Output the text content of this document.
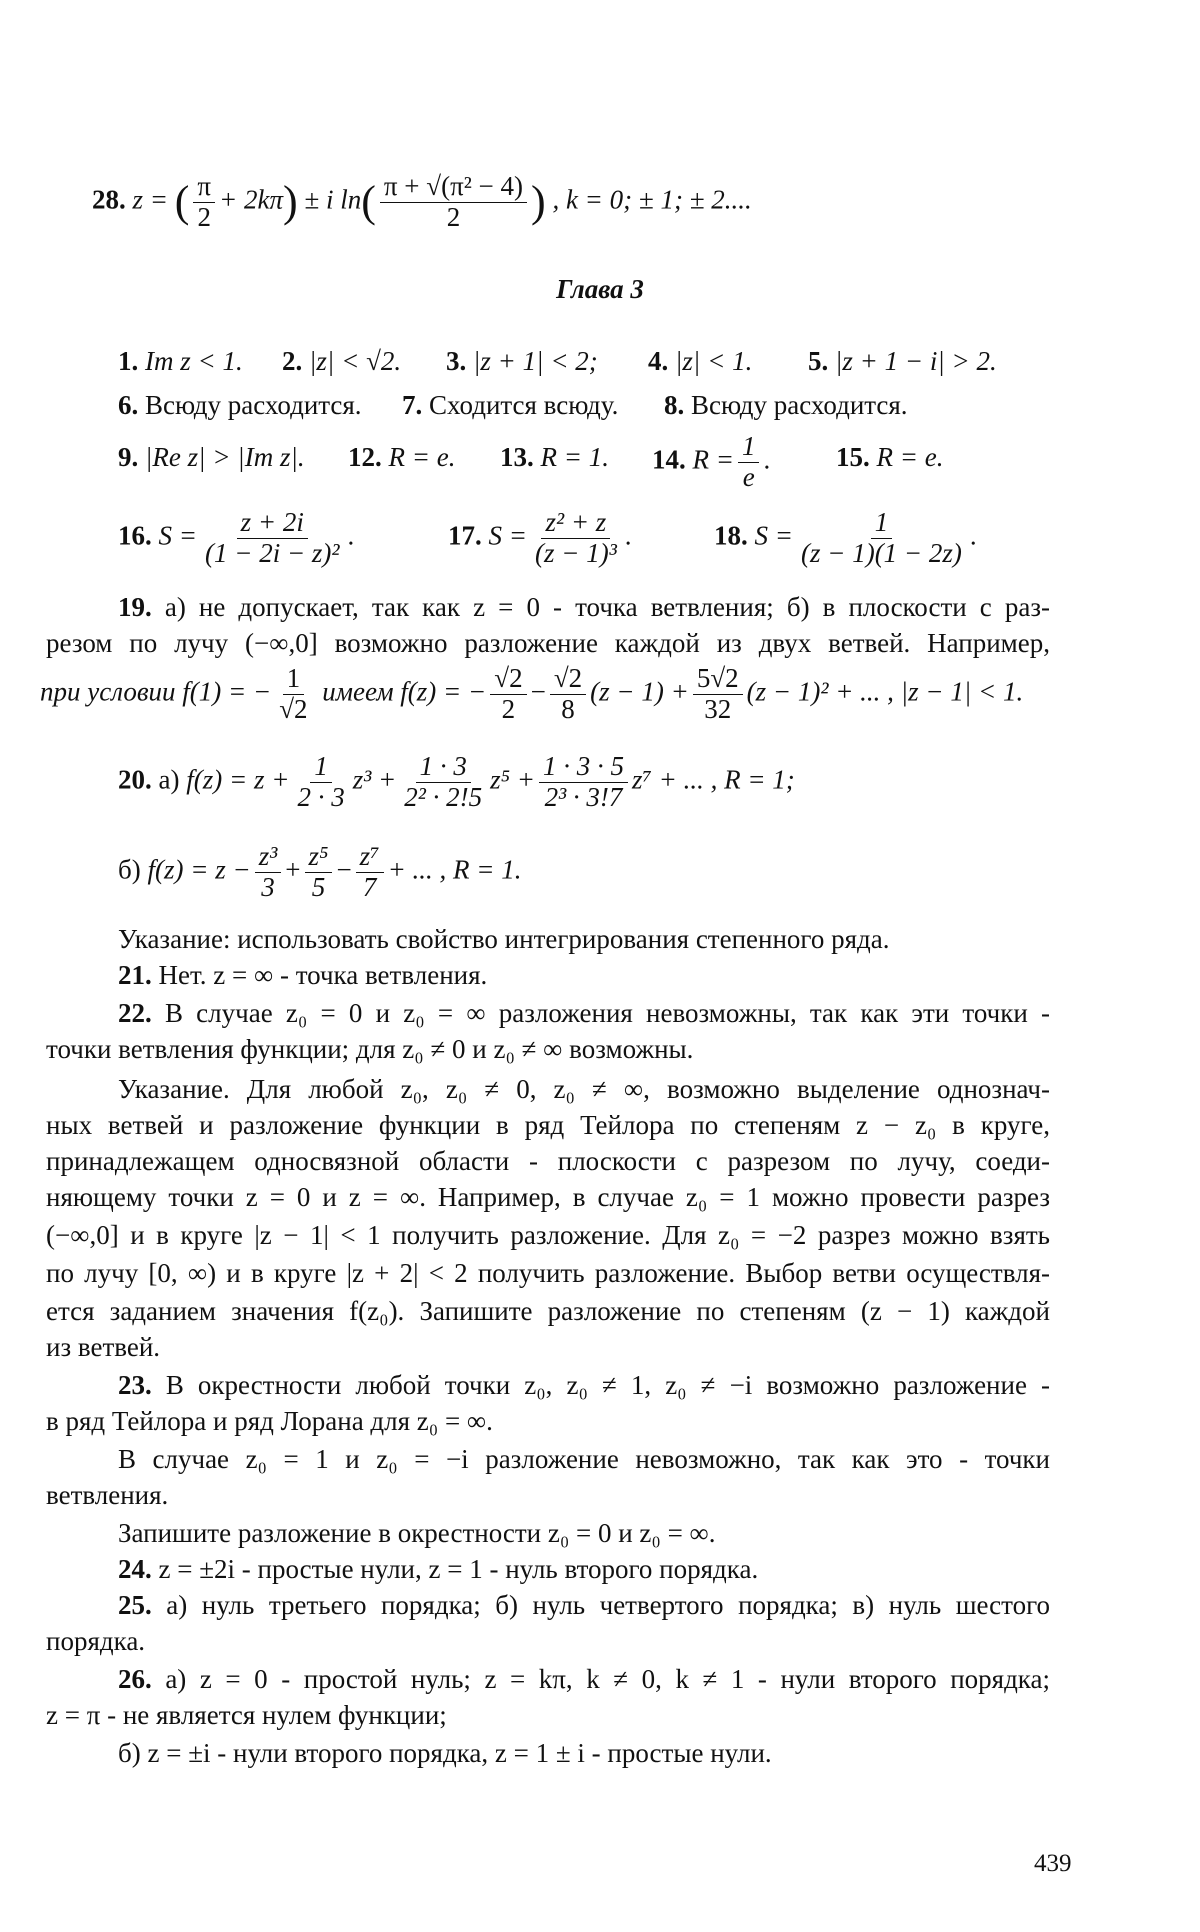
28. z = ( $\frac{\pi}{2} + 2k\pi) \pm i$ $\ln( \frac{\text{π + √(π² − 4)}}{2}$ ) , k = 0; ± 1; ± 2....
Глава 3
1. Im z < 1. 2. |z| < √2. 3. |z + 1| < 2; 4. |z| < 1. 5. |z + 1 − i| > 2.
6. Всюду расходится. 7. Сходится всюду. 8. Всюду расходится.
9. |Re z| > |Im z|. 12. R = e. 13. R = 1. 14. $R = \frac{1}{e}$ . 15. R = e.
16. $S = \frac{z + 2i}{\text{(1 − 2i − z)²}}$ .	17. $S = \frac{\text{z² + z}}{\text{(z − 1)³}}$ .	18. $S = \frac{1}{(z - 1)(1 - 2z)}$ .
19. а) не допускает, так как z = 0 - точка ветвления; б) в плоскости с раз-
резом по лучу (−∞,0] возможно разложение каждой из двух ветвей. Например,
при условии f(1) = − $\frac{1}{√2}$ имеем f(z) = − $\frac{√2}{2} - \frac{√2}{8} (z - 1) + \frac{5√2}{32} (z - 1)^2$ + ... , |z − 1| < 1.
20. а) $f(z) = z + \frac{1}{2 \cdot 3} z^3 + \frac{1 \cdot 3}{\text{2² · 2!5}} z^5 + \frac{1 \cdot 3 \cdot 5}{\text{2³ · 3!7}} z^7$ + ... , R = 1;
б) $f(z) = z - \frac{\text{z³}}{3} + \frac{\text{z⁵}}{5} - \frac{\text{z⁷}}{7}$ + ... , R = 1.
Указание: использовать свойство интегрирования степенного ряда.
21. Нет. z = ∞ - точка ветвления.
22. В случае z₀ = 0 и z₀ = ∞ разложения невозможны, так как эти точки -
точки ветвления функции; для z₀ ≠ 0 и z₀ ≠ ∞ возможны.
Указание. Для любой z₀, z₀ ≠ 0, z₀ ≠ ∞, возможно выделение однознач-
ных ветвей и разложение функции в ряд Тейлора по степеням z − z₀ в круге,
принадлежащем односвязной области - плоскости с разрезом по лучу, соеди-
няющему точки z = 0 и z = ∞. Например, в случае z₀ = 1 можно провести разрез
(−∞,0] и в круге |z − 1| < 1 получить разложение. Для z₀ = −2 разрез можно взять
по лучу [0, ∞) и в круге |z + 2| < 2 получить разложение. Выбор ветви осуществля-
ется заданием значения f(z₀). Запишите разложение по степеням (z − 1) каждой
из ветвей.
23. В окрестности любой точки z₀, z₀ ≠ 1, z₀ ≠ −i возможно разложение -
в ряд Тейлора и ряд Лорана для z₀ = ∞.
В случае z₀ = 1 и z₀ = −i разложение невозможно, так как это - точки
ветвления.
Запишите разложение в окрестности z₀ = 0 и z₀ = ∞.
24. z = ±2i - простые нули, z = 1 - нуль второго порядка.
25. а) нуль третьего порядка; б) нуль четвертого порядка; в) нуль шестого
порядка.
26. а) z = 0 - простой нуль; z = kπ, k ≠ 0, k ≠ 1 - нули второго порядка;
z = π - не является нулем функции;
б) z = ±i - нули второго порядка, z = 1 ± i - простые нули.
439
